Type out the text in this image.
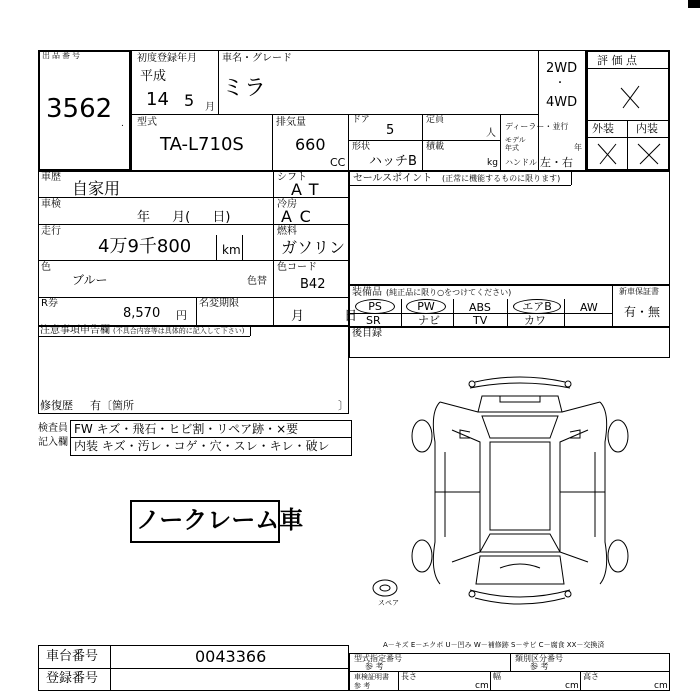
出品番号
3562
初度登録年月
平成
14 5 月
車名・グレード
ミラ
2WD
・
4WD
型式
TA-L710S
.	排気量
660
CC
ドア
5
定員
人
形状
ハッチB
積載
kg
ディーラー・並行
モデル
年式	年
ハンドル 左・右
評 価 点
外装 内装
車歴
自家用
シフト
AT
車検
年 月( 日)
冷房
AC
走行
4万9千800	km
燃料
ガソリン
色
ブルー	色替
色コード
B42
R券
8,570 円
名変期限
月 日
注意事項申告欄 (不具合内容等は具体的に記入して下さい)
修復歴 有〔箇所	〕
検査員
記入欄
FW キズ・飛石・ヒビ割・リペア跡・×要
内装 キズ・汚レ・コゲ・穴・スレ・キレ・破レ
ノークレーム車
セールスポイント (正常に機能するものに限ります)
装備品 (純正品に限り○をつけてください)
PS	PW	ABS	エアB	AW
SR	ナビ	TV	カワ
新車保証書
有・無
後目録
スペア
A－キズ E－エクボ U－凹み W－補修跡 S－サビ C－腐食 XX－交換済
車台番号	0043366
登録番号
型式指定番号
参 考
類別区分番号
参 考
車検証明書
参 考
長さ
cm
幅
cm
高さ
cm
